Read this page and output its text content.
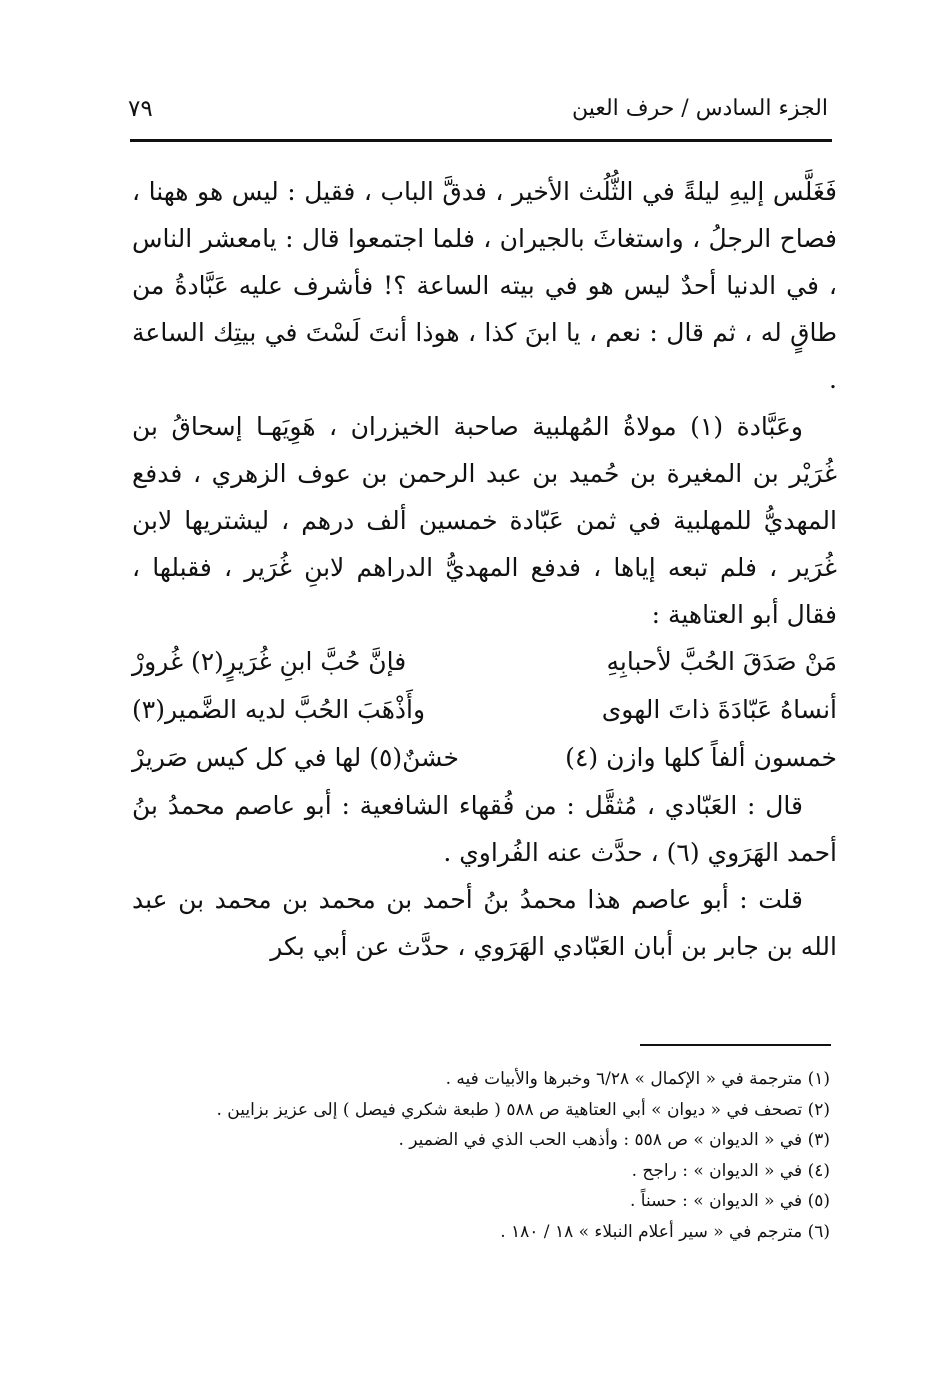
الجزء السادس / حرف العين
٧٩

فَغَلَّس إليهِ ليلةً في الثُّلُث الأخير ، فدقَّ الباب ، فقيل : ليس هو ههنا ، فصاح الرجلُ ، واستغاثَ بالجيران ، فلما اجتمعوا قال : يامعشر الناس ، في الدنيا أحدٌ ليس هو في بيته الساعة ؟! فأشرف عليه عَبَّادةُ من طاقٍ له ، ثم قال : نعم ، يا ابنَ كذا ، هوذا أنتَ لَسْتَ في بيتِك الساعة .

وعَبَّادة (١) مولاةُ المُهلبية صاحبة الخيزران ، هَوِيَهـا إسحاقُ بن غُرَيْر بن المغيرة بن حُميد بن عبد الرحمن بن عوف الزهري ، فدفع المهديُّ للمهلبية في ثمن عَبّادة خمسين ألف درهم ، ليشتريها لابن غُرَير ، فلم تبعه إياها ، فدفع المهديُّ الدراهم لابنِ غُرَير ، فقبلها ، فقال أبو العتاهية :

مَنْ صَدَقَ الحُبَّ لأحبابِهِ
فإنَّ حُبَّ ابنِ غُرَيرٍ(٢) غُرورْ
أنساهُ عَبّادَةَ ذاتَ الهوى
وأَذْهَبَ الحُبَّ لديه الضَّمير(٣)
خمسون ألفاً كلها وازن (٤)
خشنٌ(٥) لها في كل كيس صَريرْ

قال : العَبّادي ، مُثقَّل : من فُقهاء الشافعية : أبو عاصم محمدُ بنُ أحمد الهَرَوي (٦) ، حدَّث عنه الفُراوي .

قلت : أبو عاصم هذا محمدُ بنُ أحمد بن محمد بن محمد بن عبد الله بن جابر بن أبان العَبّادي الهَرَوي ، حدَّث عن أبي بكر

(١) مترجمة في « الإكمال » ٦/٢٨ وخبرها والأبيات فيه .
(٢) تصحف في « ديوان » أبي العتاهية ص ٥٨٨ ( طبعة شكري فيصل ) إلى عزيز بزايين .
(٣) في « الديوان » ص ٥٥٨ : وأذهب الحب الذي في الضمير .
(٤) في « الديوان » : راجح .
(٥) في « الديوان » : حسناً .
(٦) مترجم في « سير أعلام النبلاء » ١٨ / ١٨٠ .
